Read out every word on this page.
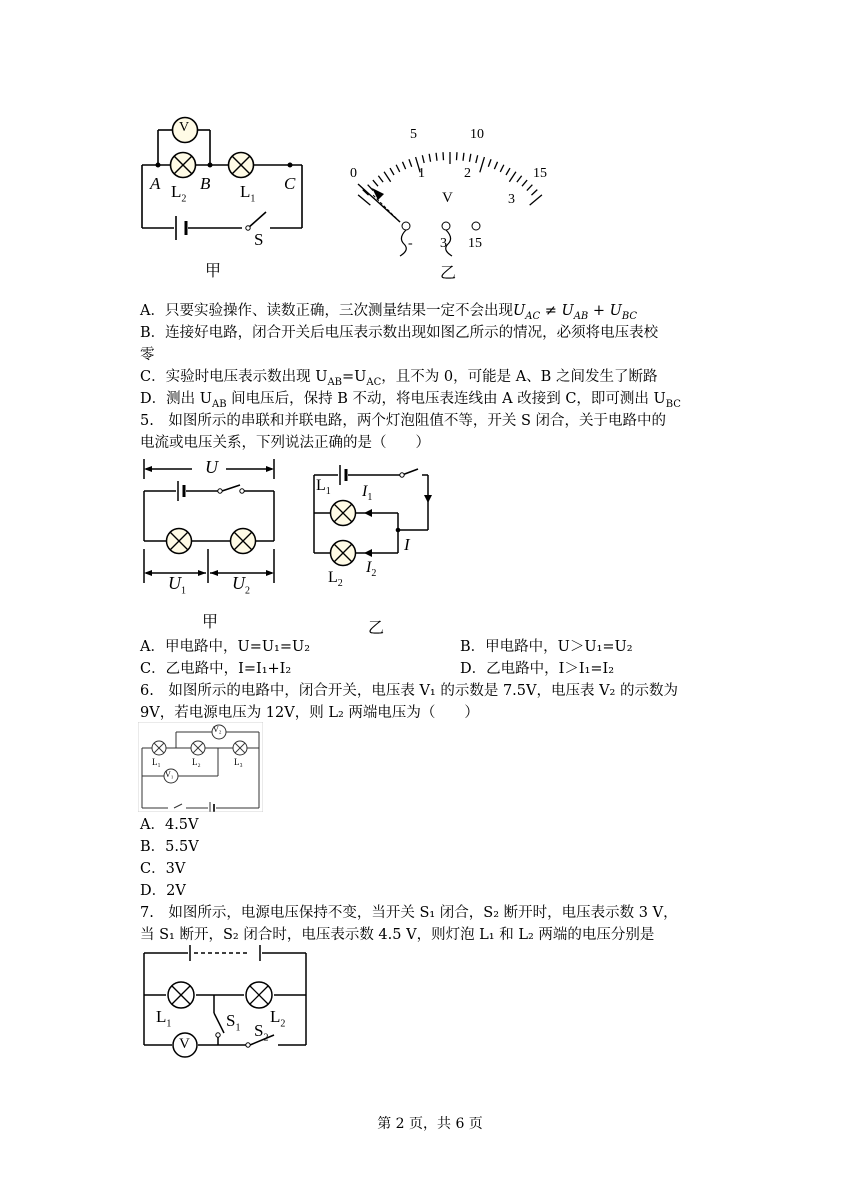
V
A B	C
$L_2$	$L_1$
S
甲
0
5	10
15
1	2
3
V
- 3 15
乙
A．只要实验操作、读数正确，三次测量结果一定不会出现$U_{AC} \ne U_{AB} + U_{BC}$
B．连接好电路，闭合开关后电压表示数出现如图乙所示的情况，必须将电压表校
零
C．实验时电压表示数出现 $U_{AB}=U_{AC}$，且不为 0，可能是 A、B 之间发生了断路
D．测出 $U_{AB}$ 间电压后，保持 B 不动，将电压表连线由 A 改接到 C，即可测出 $U_{BC}$
5.　如图所示的串联和并联电路，两个灯泡阻值不等，开关 S 闭合，关于电路中的
电流或电压关系，下列说法正确的是（　　）
U
$U_1$	$U_2$
甲
$L_1$ $I_1$
I
$L_2$
$I_2$
乙
A．甲电路中，U=U₁=U₂	B．甲电路中，U＞U₁=U₂
C．乙电路中，I=I₁+I₂	D．乙电路中，I＞I₁=I₂
6.　如图所示的电路中，闭合开关，电压表 V₁ 的示数是 7.5V，电压表 V₂ 的示数为
9V，若电源电压为 12V，则 L₂ 两端电压为（　　）
V₂
V₁
L₁	L₂	L₃
A．4.5V
B．5.5V
C．3V
D．2V
7.　如图所示，电源电压保持不变，当开关 S₁ 闭合，S₂ 断开时，电压表示数 3 V，
当 S₁ 断开，S₂ 闭合时，电压表示数 4.5 V，则灯泡 L₁ 和 L₂ 两端的电压分别是
$L_1$	$L_2$
$S_1$ $S_2$
V
第 2 页，共 6 页
